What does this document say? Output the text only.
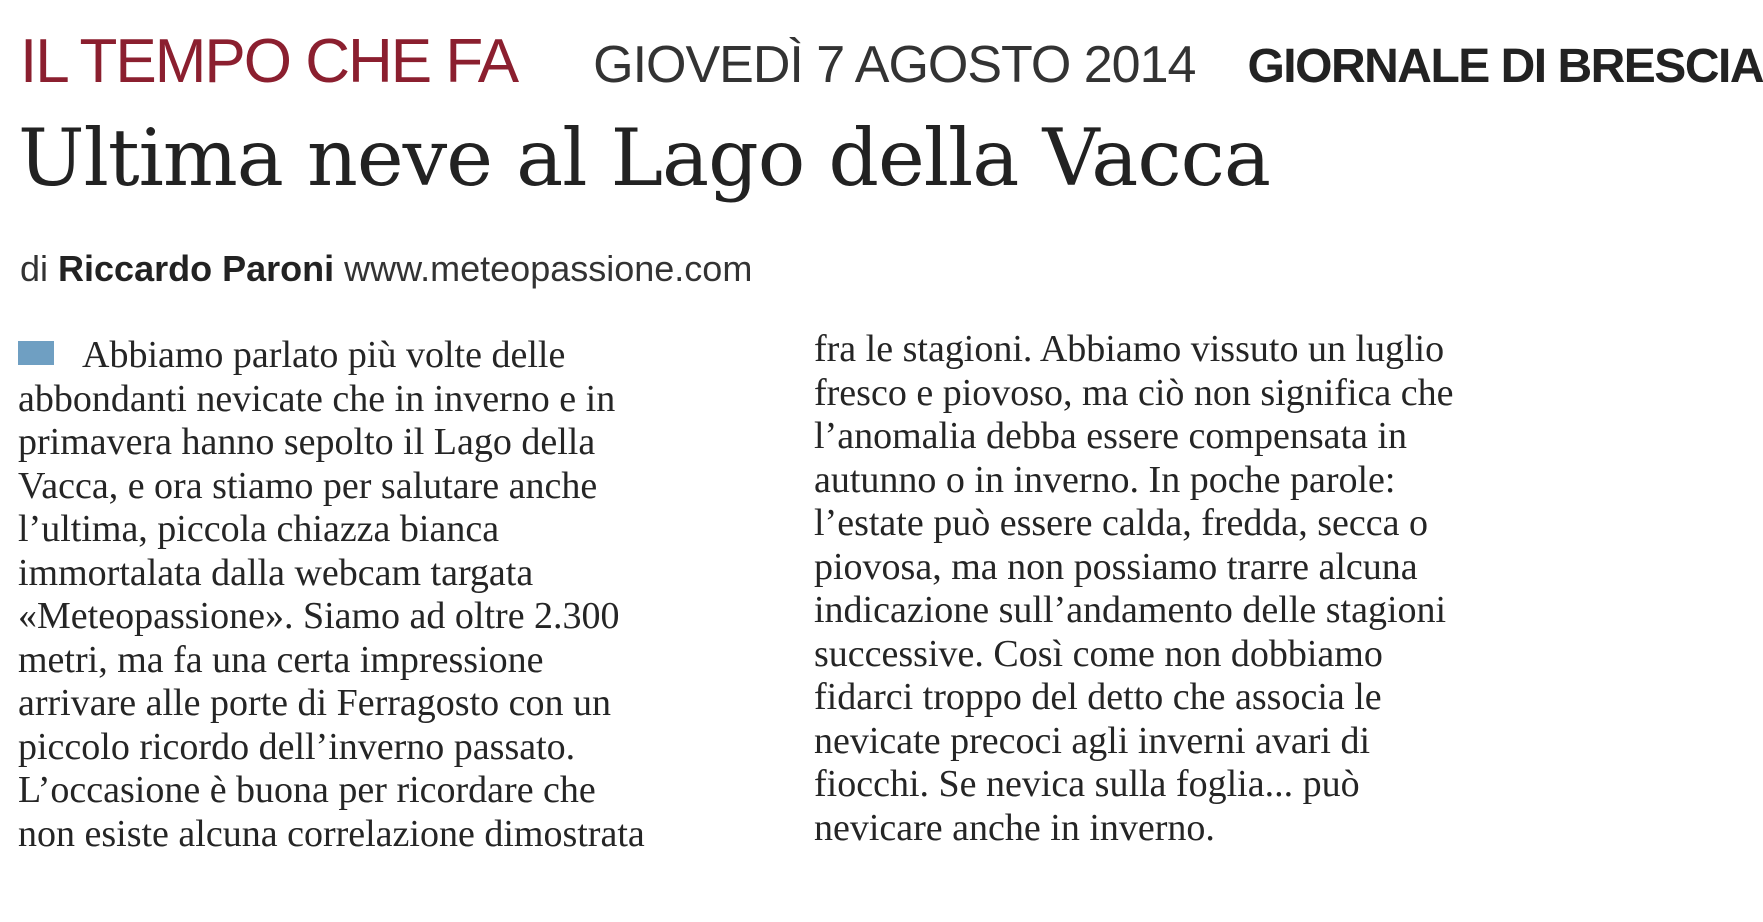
IL TEMPO CHE FA GIOVEDÌ 7 AGOSTO 2014 GIORNALE DI BRESCIA
Ultima neve al Lago della Vacca
di Riccardo Paroni www.meteopassione.com
Abbiamo parlato più volte delle
abbondanti nevicate che in inverno e in
primavera hanno sepolto il Lago della
Vacca, e ora stiamo per salutare anche
l’ultima, piccola chiazza bianca
immortalata dalla webcam targata
«Meteopassione». Siamo ad oltre 2.300
metri, ma fa una certa impressione
arrivare alle porte di Ferragosto con un
piccolo ricordo dell’inverno passato.
L’occasione è buona per ricordare che
non esiste alcuna correlazione dimostrata
fra le stagioni. Abbiamo vissuto un luglio
fresco e piovoso, ma ciò non significa che
l’anomalia debba essere compensata in
autunno o in inverno. In poche parole:
l’estate può essere calda, fredda, secca o
piovosa, ma non possiamo trarre alcuna
indicazione sull’andamento delle stagioni
successive. Così come non dobbiamo
fidarci troppo del detto che associa le
nevicate precoci agli inverni avari di
fiocchi. Se nevica sulla foglia... può
nevicare anche in inverno.
